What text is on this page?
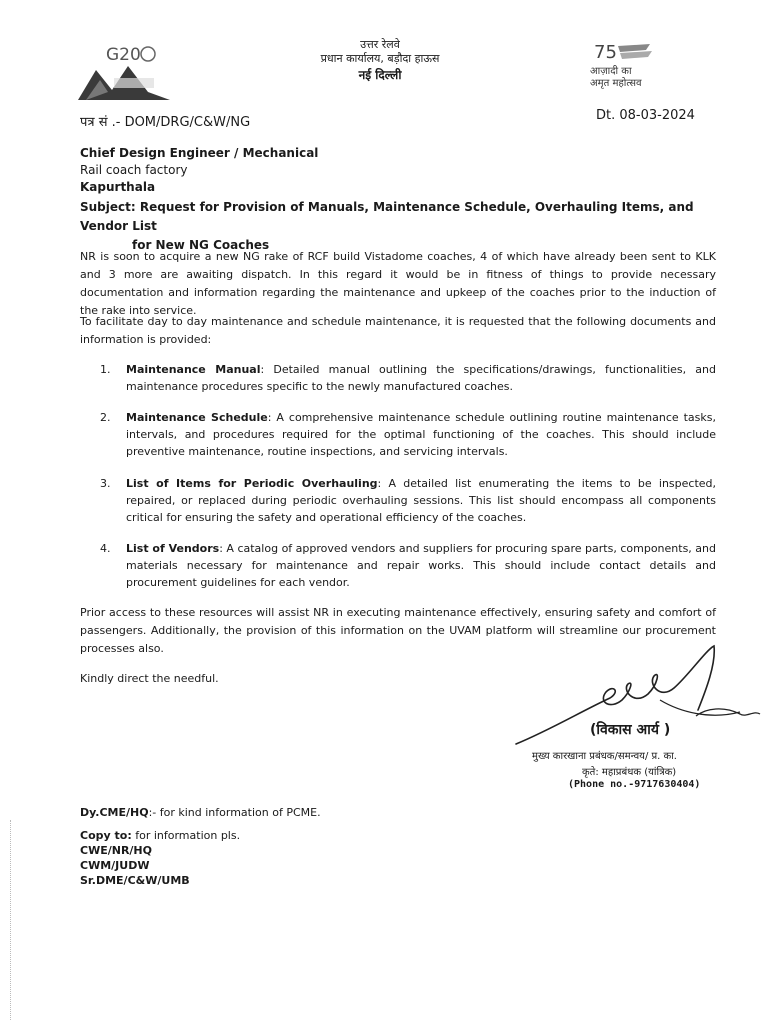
उत्तर रेलवे
प्रधान कार्यालय, बड़ौदा हाऊस
नई दिल्ली
G20	75
आज़ादी का
अमृत महोत्सव
पत्र सं .- DOM/DRG/C&W/NG	Dt. 08-03-2024
Chief Design Engineer / Mechanical
Rail coach factory
Kapurthala
Subject: Request for Provision of Manuals, Maintenance Schedule, Overhauling Items, and Vendor List
for New NG Coaches
NR is soon to acquire a new NG rake of RCF build Vistadome coaches, 4 of which have already been sent to KLK and 3 more are awaiting dispatch. In this regard it would be in fitness of things to provide necessary documentation and information regarding the maintenance and upkeep of the coaches prior to the induction of the rake into service.
To facilitate day to day maintenance and schedule maintenance, it is requested that the following documents and information is provided:
1. Maintenance Manual: Detailed manual outlining the specifications/drawings, functionalities, and maintenance procedures specific to the newly manufactured coaches.
2. Maintenance Schedule: A comprehensive maintenance schedule outlining routine maintenance tasks, intervals, and procedures required for the optimal functioning of the coaches. This should include preventive maintenance, routine inspections, and servicing intervals.
3. List of Items for Periodic Overhauling: A detailed list enumerating the items to be inspected, repaired, or replaced during periodic overhauling sessions. This list should encompass all components critical for ensuring the safety and operational efficiency of the coaches.
4. List of Vendors: A catalog of approved vendors and suppliers for procuring spare parts, components, and materials necessary for maintenance and repair works. This should include contact details and procurement guidelines for each vendor.
Prior access to these resources will assist NR in executing maintenance effectively, ensuring safety and comfort of passengers. Additionally, the provision of this information on the UVAM platform will streamline our procurement processes also.
Kindly direct the needful.
(विकास आर्य )
मुख्य कारखाना प्रबंधक/समन्वय/ प्र. का.
कृते: महाप्रबंधक (यांत्रिक)
(Phone no.-9717630404)
Dy.CME/HQ:- for kind information of PCME.
Copy to: for information pls.
CWE/NR/HQ
CWM/JUDW
Sr.DME/C&W/UMB
